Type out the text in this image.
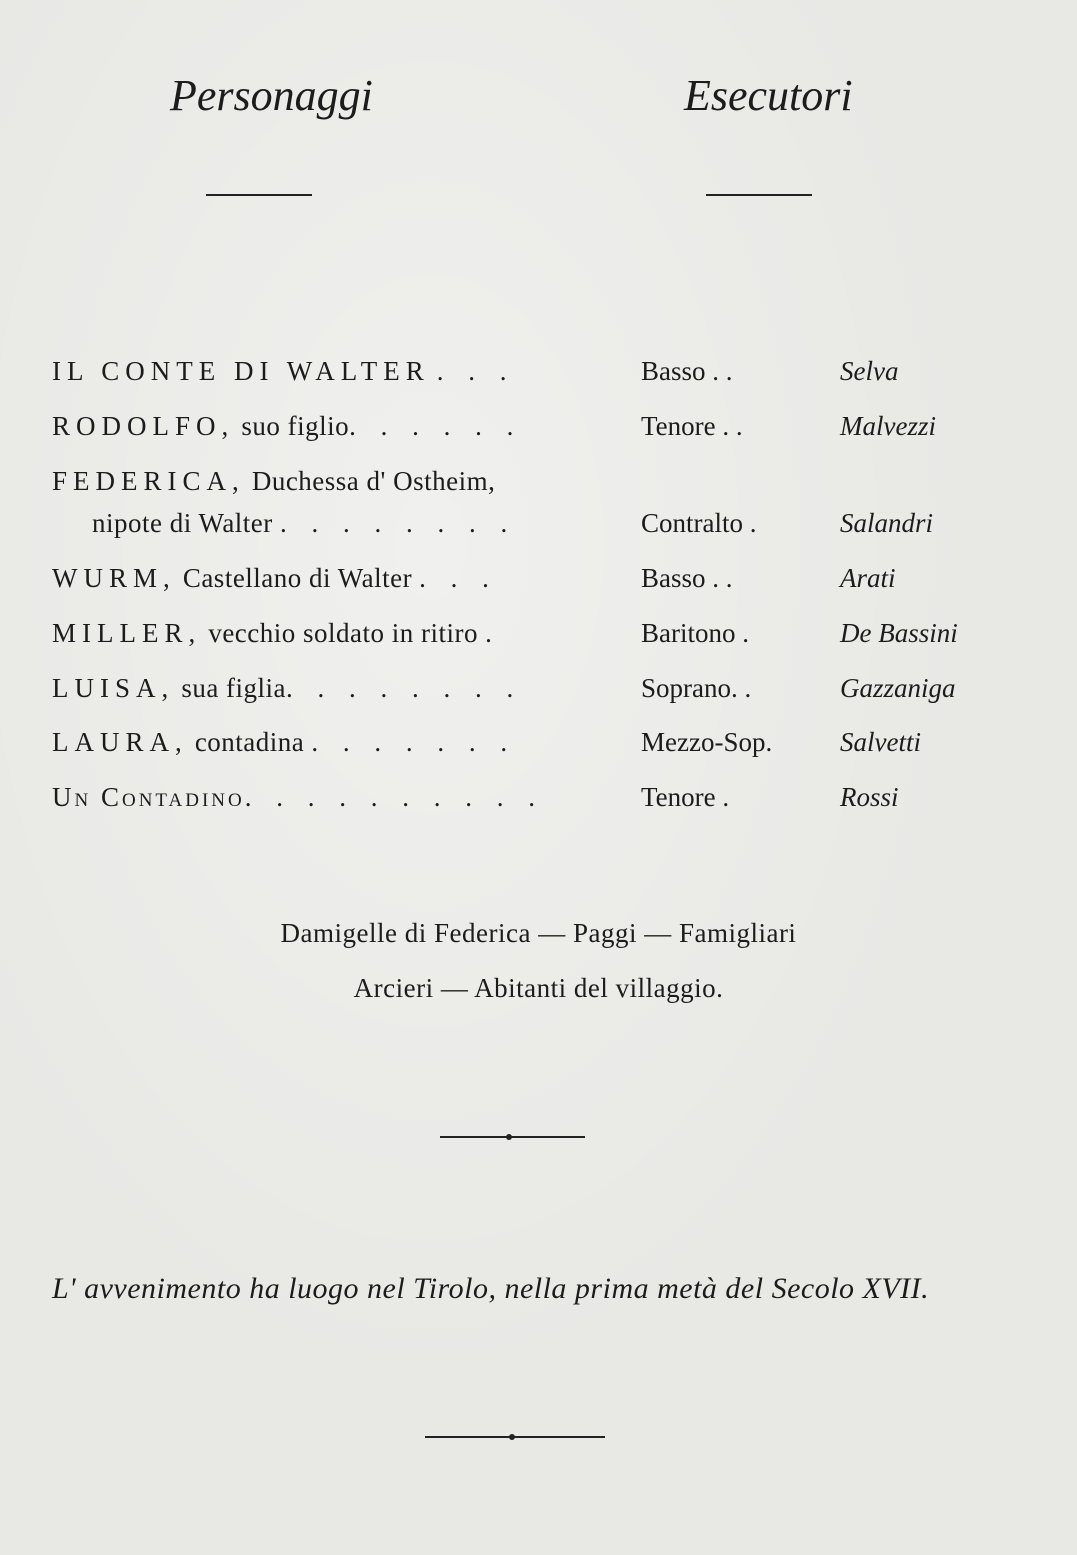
Personaggi	Esecutori
IL CONTE DI WALTER . . .	Basso . .	Selva
RODOLFO, suo figlio. . . . . .	Tenore . .	Malvezzi
FEDERICA, Duchessa d' Ostheim,
nipote di Walter . . . . . . . .	Contralto .	Salandri
WURM, Castellano di Walter . . .	Basso . .	Arati
MILLER, vecchio soldato in ritiro .	Baritono .	De Bassini
LUISA, sua figlia. . . . . . . .	Soprano. .	Gazzaniga
LAURA, contadina . . . . . . .	Mezzo-Sop.	Salvetti
Un Contadino. . . . . . . . . .	Tenore .	Rossi
Damigelle di Federica — Paggi — Famigliari
Arcieri — Abitanti del villaggio.
L' avvenimento ha luogo nel Tirolo, nella prima metà del Secolo XVII.
